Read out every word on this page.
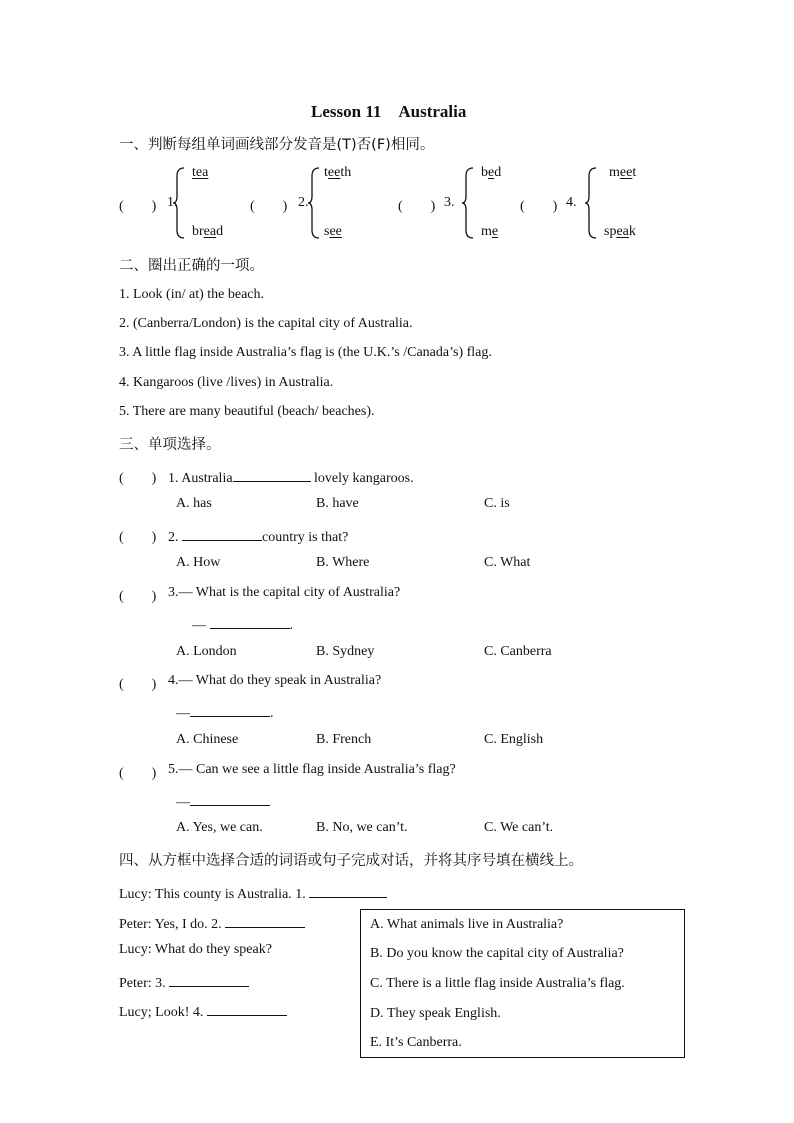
Lesson 11　Australia
一、判断每组单词画线部分发音是(T)否(F)相同。
(　　) 1.
tea
bread
(　　) 2.
teeth
see
(　　) 3.
bed
me
(　　) 4.
meet
speak
二、圈出正确的一项。
1. Look (in/ at) the beach.
2. (Canberra/London) is the capital city of Australia.
3. A little flag inside Australia’s flag is (the U.K.’s /Canada’s) flag.
4. Kangaroos (live /lives) in Australia.
5. There are many beautiful (beach/ beaches).
三、单项选择。
(　　) 1. Australia	lovely kangaroos.
A. has	B. have	C. is
(　　) 2.	country is that?
A. How	B. Where	C. What
(　　) 3.— What is the capital city of Australia?
—	.
A. London	B. Sydney	C. Canberra
(　　) 4.— What do they speak in Australia?
—	.
A. Chinese	B. French	C. English
(　　) 5.— Can we see a little flag inside Australia’s flag?
—
A. Yes, we can.	B. No, we can’t.	C. We can’t.
四、从方框中选择合适的词语或句子完成对话，并将其序号填在横线上。
Lucy: This county is Australia. 1.
Peter: Yes, I do. 2.
Lucy: What do they speak?
Peter: 3.
Lucy; Look! 4.
A. What animals live in Australia?
B. Do you know the capital city of Australia?
C. There is a little flag inside Australia’s flag.
D. They speak English.
E. It’s Canberra.
